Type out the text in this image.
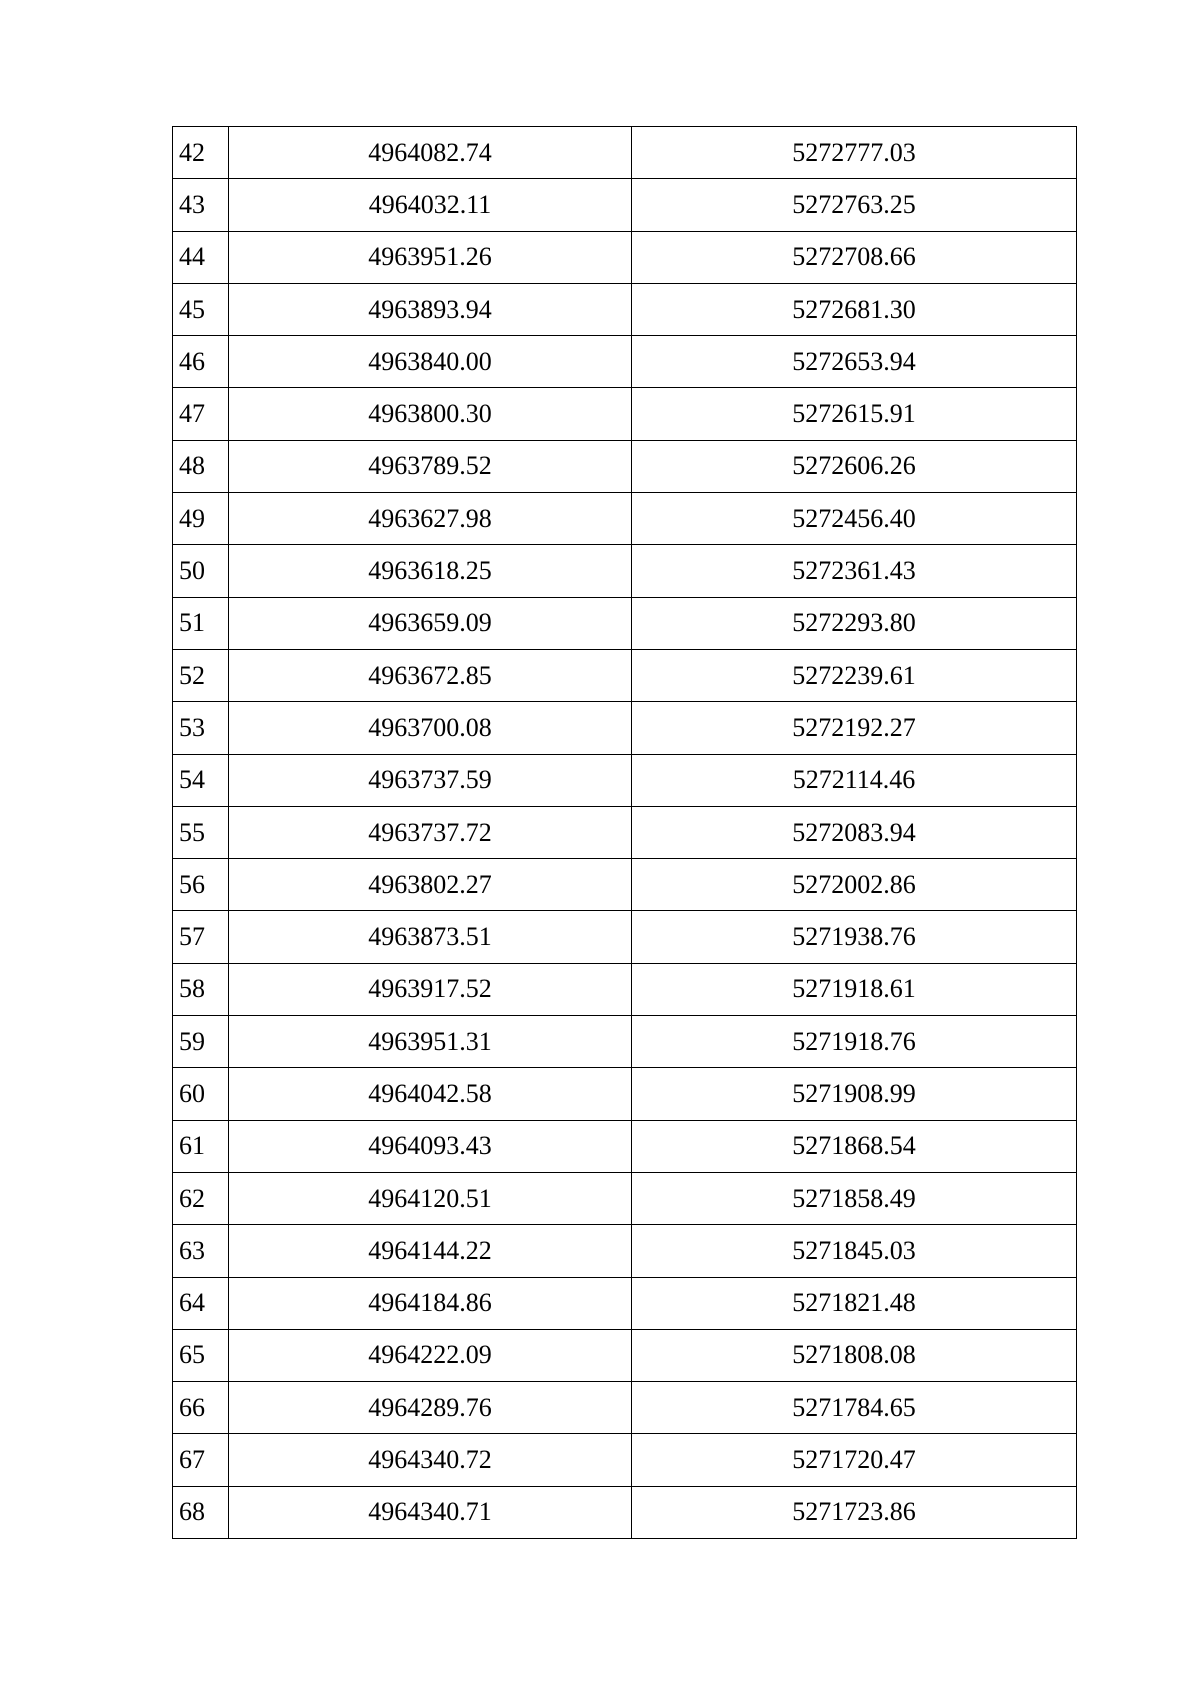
42	4964082.74	5272777.03
43	4964032.11	5272763.25
44	4963951.26	5272708.66
45	4963893.94	5272681.30
46	4963840.00	5272653.94
47	4963800.30	5272615.91
48	4963789.52	5272606.26
49	4963627.98	5272456.40
50	4963618.25	5272361.43
51	4963659.09	5272293.80
52	4963672.85	5272239.61
53	4963700.08	5272192.27
54	4963737.59	5272114.46
55	4963737.72	5272083.94
56	4963802.27	5272002.86
57	4963873.51	5271938.76
58	4963917.52	5271918.61
59	4963951.31	5271918.76
60	4964042.58	5271908.99
61	4964093.43	5271868.54
62	4964120.51	5271858.49
63	4964144.22	5271845.03
64	4964184.86	5271821.48
65	4964222.09	5271808.08
66	4964289.76	5271784.65
67	4964340.72	5271720.47
68	4964340.71	5271723.86
